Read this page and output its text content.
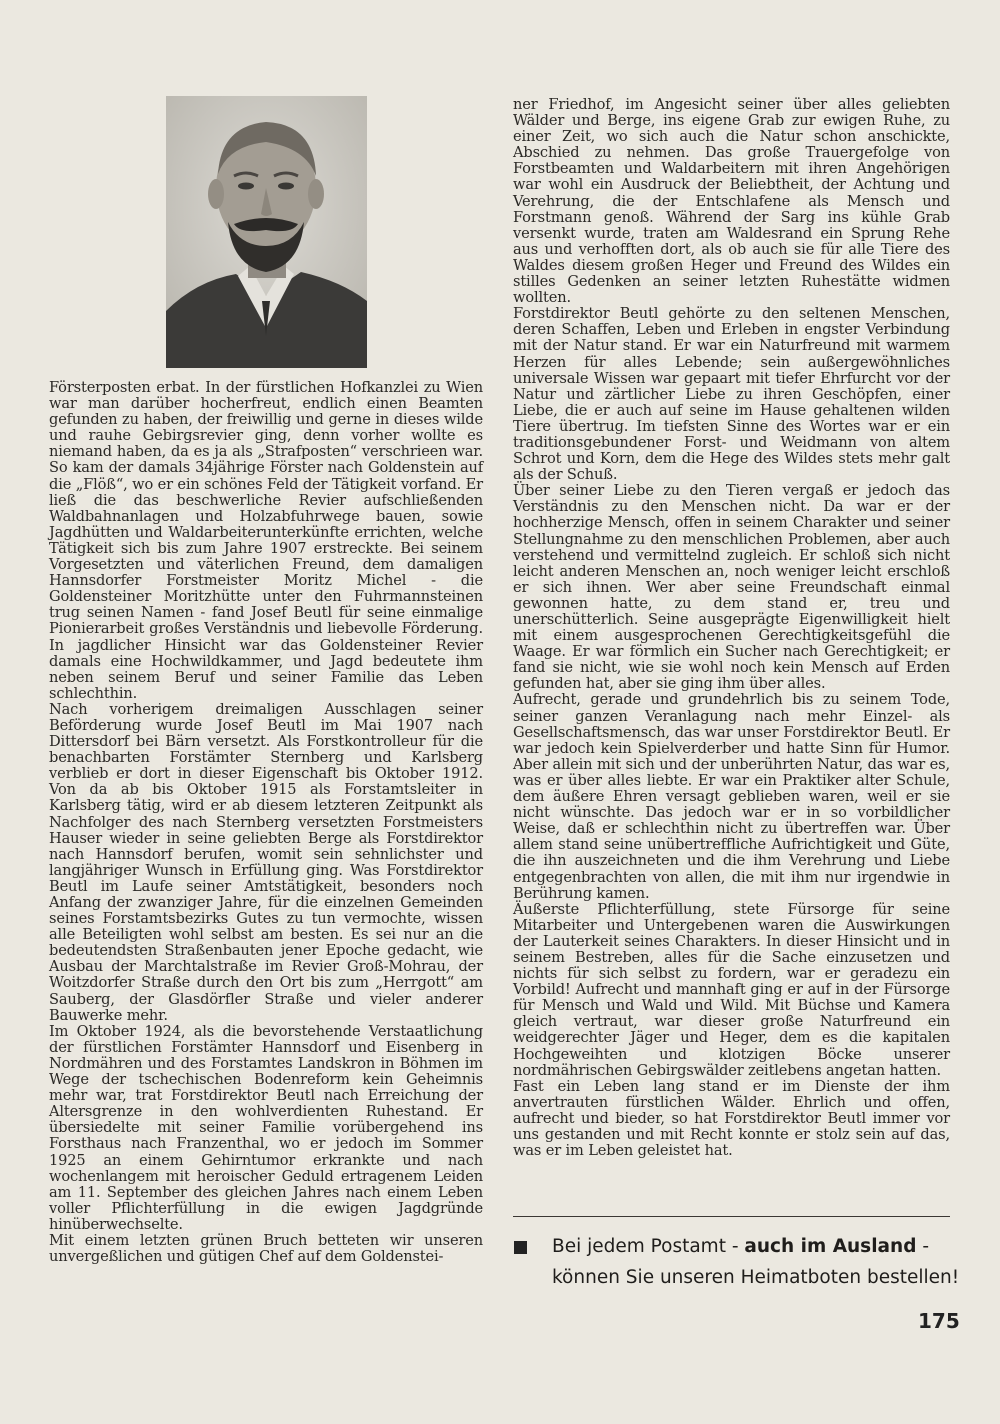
Försterposten erbat. In der fürstlichen Hofkanzlei zu Wien war man darüber hocherfreut, endlich einen Beamten gefunden zu haben, der freiwillig und gerne in dieses wilde und rauhe Gebirgsrevier ging, denn vorher wollte es niemand haben, da es ja als „Strafposten“ verschrieen war. So kam der damals 34jährige Förster nach Goldenstein auf die „Flöß“, wo er ein schönes Feld der Tätigkeit vorfand. Er ließ die das beschwerliche Revier aufschließenden Waldbahnanlagen und Holzabfuhrwege bauen, sowie Jagdhütten und Waldarbeiterunterkünfte errichten, welche Tätigkeit sich bis zum Jahre 1907 erstreckte. Bei seinem Vorgesetzten und väterlichen Freund, dem damaligen Hannsdorfer Forstmeister Moritz Michel - die Goldensteiner Moritzhütte unter den Fuhrmannsteinen trug seinen Namen - fand Josef Beutl für seine einmalige Pionierarbeit großes Verständnis und liebevolle Förderung. In jagdlicher Hinsicht war das Goldensteiner Revier damals eine Hochwildkammer, und Jagd bedeutete ihm neben seinem Beruf und seiner Familie das Leben schlechthin.

Nach vorherigem dreimaligen Ausschlagen seiner Beförderung wurde Josef Beutl im Mai 1907 nach Dittersdorf bei Bärn versetzt. Als Forstkontrolleur für die benachbarten Forstämter Sternberg und Karlsberg verblieb er dort in dieser Eigenschaft bis Oktober 1912. Von da ab bis Oktober 1915 als Forstamtsleiter in Karlsberg tätig, wird er ab diesem letzteren Zeitpunkt als Nachfolger des nach Sternberg versetzten Forstmeisters Hauser wieder in seine geliebten Berge als Forstdirektor nach Hannsdorf berufen, womit sein sehnlichster und langjähriger Wunsch in Erfüllung ging. Was Forstdirektor Beutl im Laufe seiner Amtstätigkeit, besonders noch Anfang der zwanziger Jahre, für die einzelnen Gemeinden seines Forstamtsbezirks Gutes zu tun vermochte, wissen alle Beteiligten wohl selbst am besten. Es sei nur an die bedeutendsten Straßenbauten jener Epoche gedacht, wie Ausbau der Marchtalstraße im Revier Groß-Mohrau, der Woitzdorfer Straße durch den Ort bis zum „Herrgott“ am Sauberg, der Glasdörfler Straße und vieler anderer Bauwerke mehr.

Im Oktober 1924, als die bevorstehende Verstaatlichung der fürstlichen Forstämter Hannsdorf und Eisenberg in Nordmähren und des Forstamtes Landskron in Böhmen im Wege der tschechischen Bodenreform kein Geheimnis mehr war, trat Forstdirektor Beutl nach Erreichung der Altersgrenze in den wohlverdienten Ruhestand. Er übersiedelte mit seiner Familie vorübergehend ins Forsthaus nach Franzenthal, wo er jedoch im Sommer 1925 an einem Gehirntumor erkrankte und nach wochenlangem mit heroischer Geduld ertragenem Leiden am 11. September des gleichen Jahres nach einem Leben voller Pflichterfüllung in die ewigen Jagdgründe hinüberwechselte.

Mit einem letzten grünen Bruch betteten wir unseren unvergeßlichen und gütigen Chef auf dem Goldenstei-

ner Friedhof, im Angesicht seiner über alles geliebten Wälder und Berge, ins eigene Grab zur ewigen Ruhe, zu einer Zeit, wo sich auch die Natur schon anschickte, Abschied zu nehmen. Das große Trauergefolge von Forstbeamten und Waldarbeitern mit ihren Angehörigen war wohl ein Ausdruck der Beliebtheit, der Achtung und Verehrung, die der Entschlafene als Mensch und Forstmann genoß. Während der Sarg ins kühle Grab versenkt wurde, traten am Waldesrand ein Sprung Rehe aus und verhofften dort, als ob auch sie für alle Tiere des Waldes diesem großen Heger und Freund des Wildes ein stilles Gedenken an seiner letzten Ruhestätte widmen wollten.

Forstdirektor Beutl gehörte zu den seltenen Menschen, deren Schaffen, Leben und Erleben in engster Verbindung mit der Natur stand. Er war ein Naturfreund mit warmem Herzen für alles Lebende; sein außergewöhnliches universale Wissen war gepaart mit tiefer Ehrfurcht vor der Natur und zärtlicher Liebe zu ihren Geschöpfen, einer Liebe, die er auch auf seine im Hause gehaltenen wilden Tiere übertrug. Im tiefsten Sinne des Wortes war er ein traditionsgebundener Forst- und Weidmann von altem Schrot und Korn, dem die Hege des Wildes stets mehr galt als der Schuß.

Über seiner Liebe zu den Tieren vergaß er jedoch das Verständnis zu den Menschen nicht. Da war er der hochherzige Mensch, offen in seinem Charakter und seiner Stellungnahme zu den menschlichen Problemen, aber auch verstehend und vermittelnd zugleich. Er schloß sich nicht leicht anderen Menschen an, noch weniger leicht erschloß er sich ihnen. Wer aber seine Freundschaft einmal gewonnen hatte, zu dem stand er, treu und unerschütterlich. Seine ausgeprägte Eigenwilligkeit hielt mit einem ausgesprochenen Gerechtigkeitsgefühl die Waage. Er war förmlich ein Sucher nach Gerechtigkeit; er fand sie nicht, wie sie wohl noch kein Mensch auf Erden gefunden hat, aber sie ging ihm über alles.

Aufrecht, gerade und grundehrlich bis zu seinem Tode, seiner ganzen Veranlagung nach mehr Einzel- als Gesellschaftsmensch, das war unser Forstdirektor Beutl. Er war jedoch kein Spielverderber und hatte Sinn für Humor. Aber allein mit sich und der unberührten Natur, das war es, was er über alles liebte. Er war ein Praktiker alter Schule, dem äußere Ehren versagt geblieben waren, weil er sie nicht wünschte. Das jedoch war er in so vorbildlicher Weise, daß er schlechthin nicht zu übertreffen war. Über allem stand seine unübertreffliche Aufrichtigkeit und Güte, die ihn auszeichneten und die ihm Verehrung und Liebe entgegenbrachten von allen, die mit ihm nur irgendwie in Berührung kamen.

Äußerste Pflichterfüllung, stete Fürsorge für seine Mitarbeiter und Untergebenen waren die Auswirkungen der Lauterkeit seines Charakters. In dieser Hinsicht und in seinem Bestreben, alles für die Sache einzusetzen und nichts für sich selbst zu fordern, war er geradezu ein Vorbild! Aufrecht und mannhaft ging er auf in der Fürsorge für Mensch und Wald und Wild. Mit Büchse und Kamera gleich vertraut, war dieser große Naturfreund ein weidgerechter Jäger und Heger, dem es die kapitalen Hochgeweihten und klotzigen Böcke unserer nordmährischen Gebirgswälder zeitlebens angetan hatten.

Fast ein Leben lang stand er im Dienste der ihm anvertrauten fürstlichen Wälder. Ehrlich und offen, aufrecht und bieder, so hat Forstdirektor Beutl immer vor uns gestanden und mit Recht konnte er stolz sein auf das, was er im Leben geleistet hat.

Bei jedem Postamt - auch im Ausland -
können Sie unseren Heimatboten bestellen!
175
